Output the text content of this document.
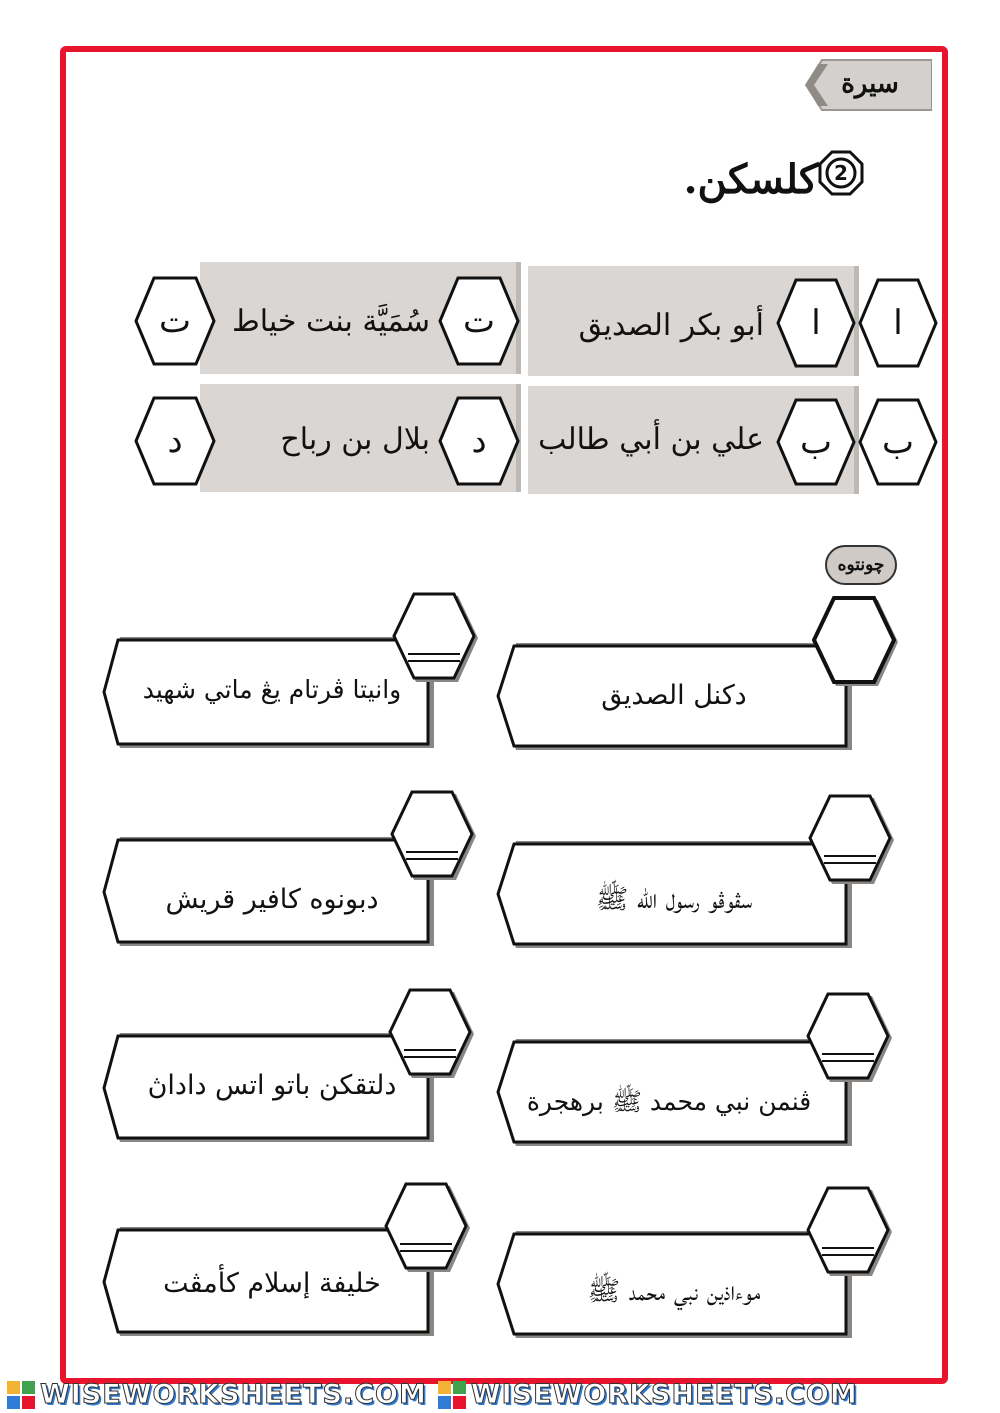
سيرة
2
كلسكن.
أبو بكر الصديق
علي بن أبي طالب
سُمَيَّة بنت خياط
بلال بن رباح
ا
ا
ب
ب
ت
ت
د
د
چونتوه
دكنل الصديق
وانيتا ڤرتام يڠ ماتي شهيد
سڤوڤو رسول الله ﷺ
دبونوه كافير قريش
ڤنمن نبي محمد ﷺ برهجرة
دلتقكن باتو اتس داداڽ
موءاذين نبي محمد ﷺ
خليفة إسلام كأمڤت
WISEWORKSHEETS.COM WISEWORKSHEETS.COM
